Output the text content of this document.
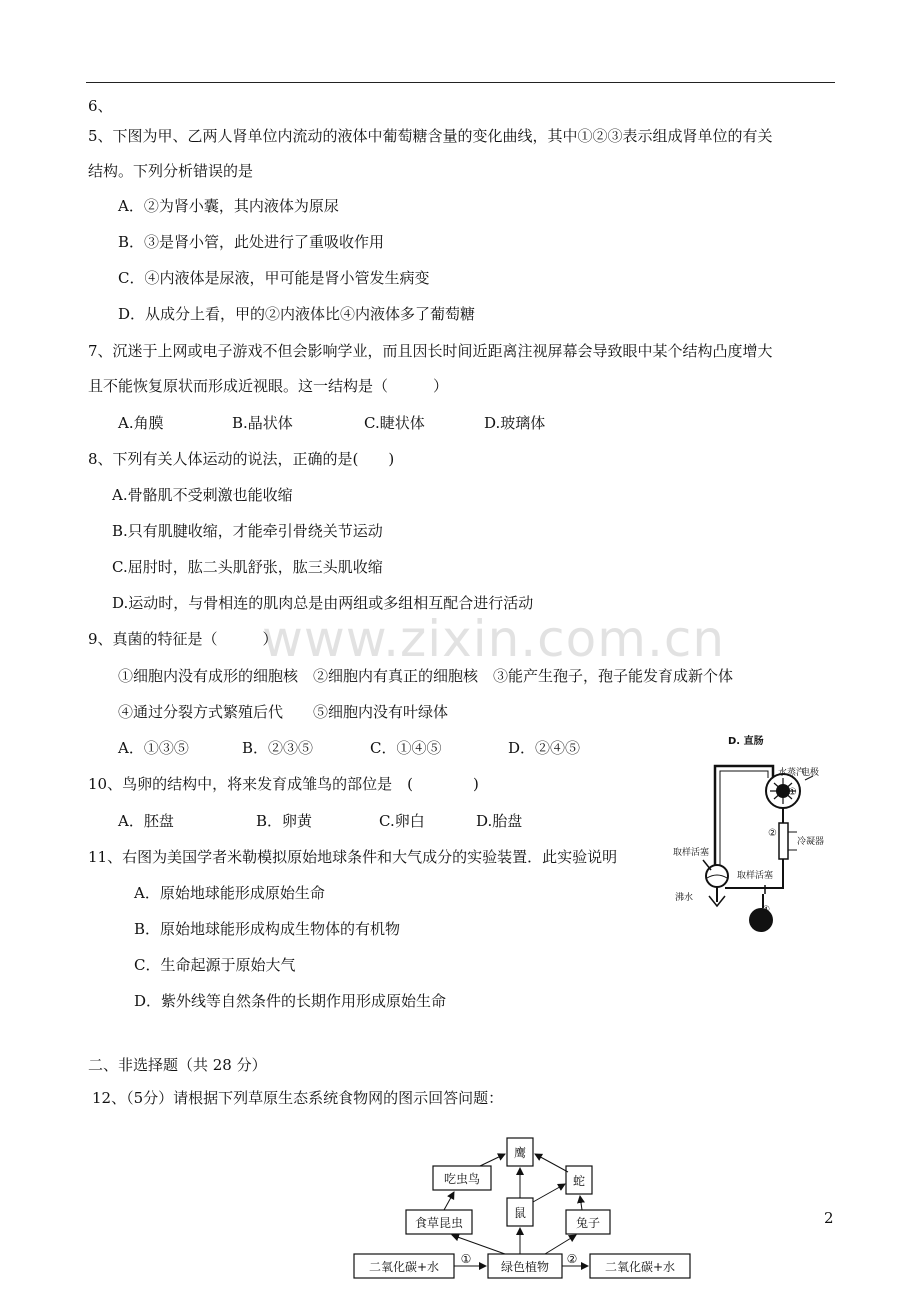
www.zixin.com.cn
6、
5、下图为甲、乙两人肾单位内流动的液体中葡萄糖含量的变化曲线，其中①②③表示组成肾单位的有关
结构。下列分析错误的是
A．②为肾小囊，其内液体为原尿
B．③是肾小管，此处进行了重吸收作用
C．④内液体是尿液，甲可能是肾小管发生病变
D．从成分上看，甲的②内液体比④内液体多了葡萄糖
7、沉迷于上网或电子游戏不但会影响学业，而且因长时间近距离注视屏幕会导致眼中某个结构凸度增大
且不能恢复原状而形成近视眼。这一结构是（　　　）
A.角膜	B.晶状体	C.睫状体	D.玻璃体
8、下列有关人体运动的说法，正确的是(　　)
A.骨骼肌不受刺激也能收缩
B.只有肌腱收缩，才能牵引骨绕关节运动
C.屈肘时，肱二头肌舒张，肱三头肌收缩
D.运动时，与骨相连的肌肉总是由两组或多组相互配合进行活动
9、真菌的特征是（　　　）
①细胞内没有成形的细胞核　②细胞内有真正的细胞核　③能产生孢子，孢子能发育成新个体
④通过分裂方式繁殖后代　　⑤细胞内没有叶绿体
A．①③⑤	B．②③⑤	C．①④⑤	D．②④⑤
10、鸟卵的结构中，将来发育成雏鸟的部位是　(　　　　)
A．胚盘	B．卵黄	C.卵白	D.胎盘
11、右图为美国学者米勒模拟原始地球条件和大气成分的实验装置．此实验说明
A．原始地球能形成原始生命
B．原始地球能形成构成生物体的有机物
C．生命起源于原始大气
D．紫外线等自然条件的长期作用形成原始生命
D. 直肠
水蒸汽
电极
①
②
冷凝器
取样活塞
取样活塞
沸水
④
二、非选择题（共 28 分）
12、（5分）请根据下列草原生态系统食物网的图示回答问题：
鹰
吃虫鸟	蛇
鼠
食草昆虫	兔子
绿色植物
二氧化碳+水	二氧化碳+水
①	②
2
